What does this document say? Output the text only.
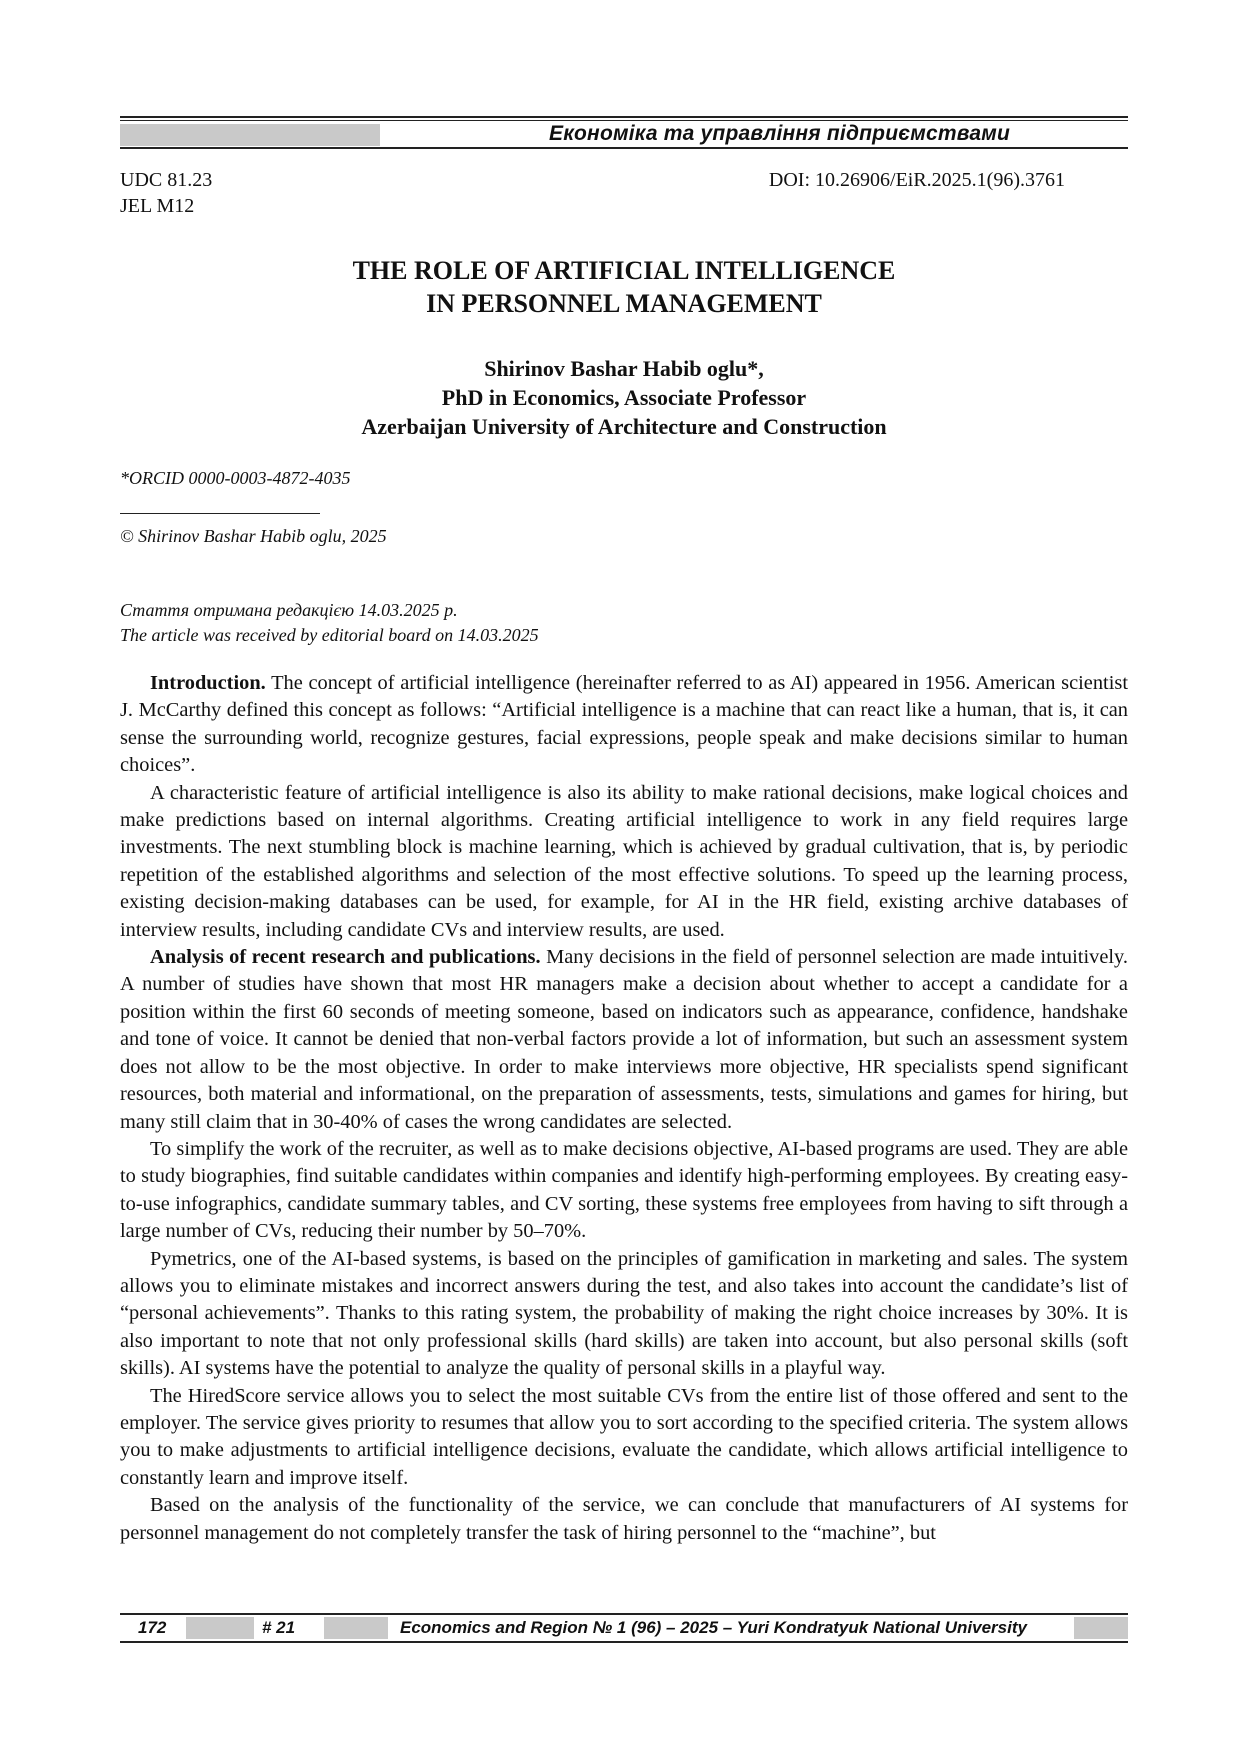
Економіка та управління підприємствами
UDC 81.23
JEL M12
DOI: 10.26906/EiR.2025.1(96).3761
THE ROLE OF ARTIFICIAL INTELLIGENCE
IN PERSONNEL MANAGEMENT
Shirinov Bashar Habib oglu*,
PhD in Economics, Associate Professor
Azerbaijan University of Architecture and Construction
*ORCID 0000-0003-4872-4035
© Shirinov Bashar Habib oglu, 2025
Стаття отримана редакцією 14.03.2025 р.
The article was received by editorial board on 14.03.2025

Introduction. The concept of artificial intelligence (hereinafter referred to as AI) appeared in 1956. American scientist J. McCarthy defined this concept as follows: “Artificial intelligence is a machine that can react like a human, that is, it can sense the surrounding world, recognize gestures, facial expressions, people speak and make decisions similar to human choices”.

A characteristic feature of artificial intelligence is also its ability to make rational decisions, make logical choices and make predictions based on internal algorithms. Creating artificial intelligence to work in any field requires large investments. The next stumbling block is machine learning, which is achieved by gradual cultivation, that is, by periodic repetition of the established algorithms and selection of the most effective solutions. To speed up the learning process, existing decision-making databases can be used, for example, for AI in the HR field, existing archive databases of interview results, including candidate CVs and interview results, are used.

Analysis of recent research and publications. Many decisions in the field of personnel selection are made intuitively. A number of studies have shown that most HR managers make a decision about whether to accept a candidate for a position within the first 60 seconds of meeting someone, based on indicators such as appearance, confidence, handshake and tone of voice. It cannot be denied that non-verbal factors provide a lot of information, but such an assessment system does not allow to be the most objective. In order to make interviews more objective, HR specialists spend significant resources, both material and informational, on the preparation of assessments, tests, simulations and games for hiring, but many still claim that in 30-40% of cases the wrong candidates are selected.

To simplify the work of the recruiter, as well as to make decisions objective, AI-based programs are used. They are able to study biographies, find suitable candidates within companies and identify high-performing employees. By creating easy-to-use infographics, candidate summary tables, and CV sorting, these systems free employees from having to sift through a large number of CVs, reducing their number by 50–70%.

Pymetrics, one of the AI-based systems, is based on the principles of gamification in marketing and sales. The system allows you to eliminate mistakes and incorrect answers during the test, and also takes into account the candidate’s list of “personal achievements”. Thanks to this rating system, the probability of making the right choice increases by 30%. It is also important to note that not only professional skills (hard skills) are taken into account, but also personal skills (soft skills). AI systems have the potential to analyze the quality of personal skills in a playful way.

The HiredScore service allows you to select the most suitable CVs from the entire list of those offered and sent to the employer. The service gives priority to resumes that allow you to sort according to the specified criteria. The system allows you to make adjustments to artificial intelligence decisions, evaluate the candidate, which allows artificial intelligence to constantly learn and improve itself.

Based on the analysis of the functionality of the service, we can conclude that manufacturers of AI systems for personnel management do not completely transfer the task of hiring personnel to the “machine”, but

172	# 21	Economics and Region № 1 (96) – 2025 – Yuri Kondratyuk National University
